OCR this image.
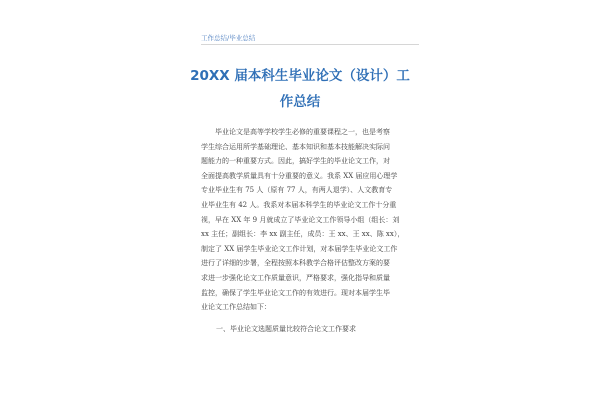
工作总结/毕业总结
20XX 届本科生毕业论文（设计）工
作总结
　　毕业论文是高等学校学生必修的重要课程之一，也是考察
学生综合运用所学基础理论、基本知识和基本技能解决实际问
题能力的一种重要方式。因此，搞好学生的毕业论文工作，对
全面提高教学质量具有十分重要的意义。我系 XX 届应用心理学
专业毕业生有 75 人（原有 77 人，有两人退学）、人文教育专
业毕业生有 42 人。我系对本届本科学生的毕业论文工作十分重
视，早在 XX 年 9 月就成立了毕业论文工作领导小组（组长：刘
xx 主任；副组长：李 xx 副主任，成员：王 xx、王 xx、陈 xx），
制定了 XX 届学生毕业论文工作计划，对本届学生毕业论文工作
进行了详细的步署，全程按照本科教学合格评估整改方案的要
求进一步强化论文工作质量意识，严格要求，强化指导和质量
监控，确保了学生毕业论文工作的有效进行。现对本届学生毕
业论文工作总结如下：
一、毕业论文选题质量比较符合论文工作要求
